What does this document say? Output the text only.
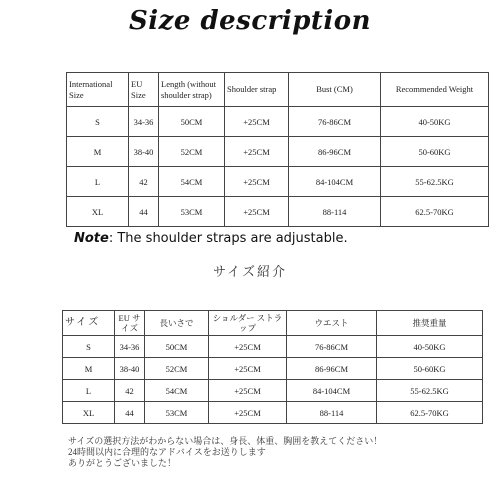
Size description
International Size	EU Size	Length (without shoulder strap)	Shoulder strap	Bust (CM)	Recommended Weight
S	34-36	50CM	+25CM	76-86CM	40-50KG
M	38-40	52CM	+25CM	86-96CM	50-60KG
L	42	54CM	+25CM	84-104CM	55-62.5KG
XL	44	53CM	+25CM	88-114	62.5-70KG
Note: The shoulder straps are adjustable.
サイズ紹介
サイズ	EU サイズ	長いさで	ショルダー ストラップ	ウエスト	推奨重量
S	34-36	50CM	+25CM	76-86CM	40-50KG
M	38-40	52CM	+25CM	86-96CM	50-60KG
L	42	54CM	+25CM	84-104CM	55-62.5KG
XL	44	53CM	+25CM	88-114	62.5-70KG
サイズの選択方法がわからない場合は、身長、体重、胸囲を教えてください！
24時間以内に合理的なアドバイスをお送りします
ありがとうございました！
